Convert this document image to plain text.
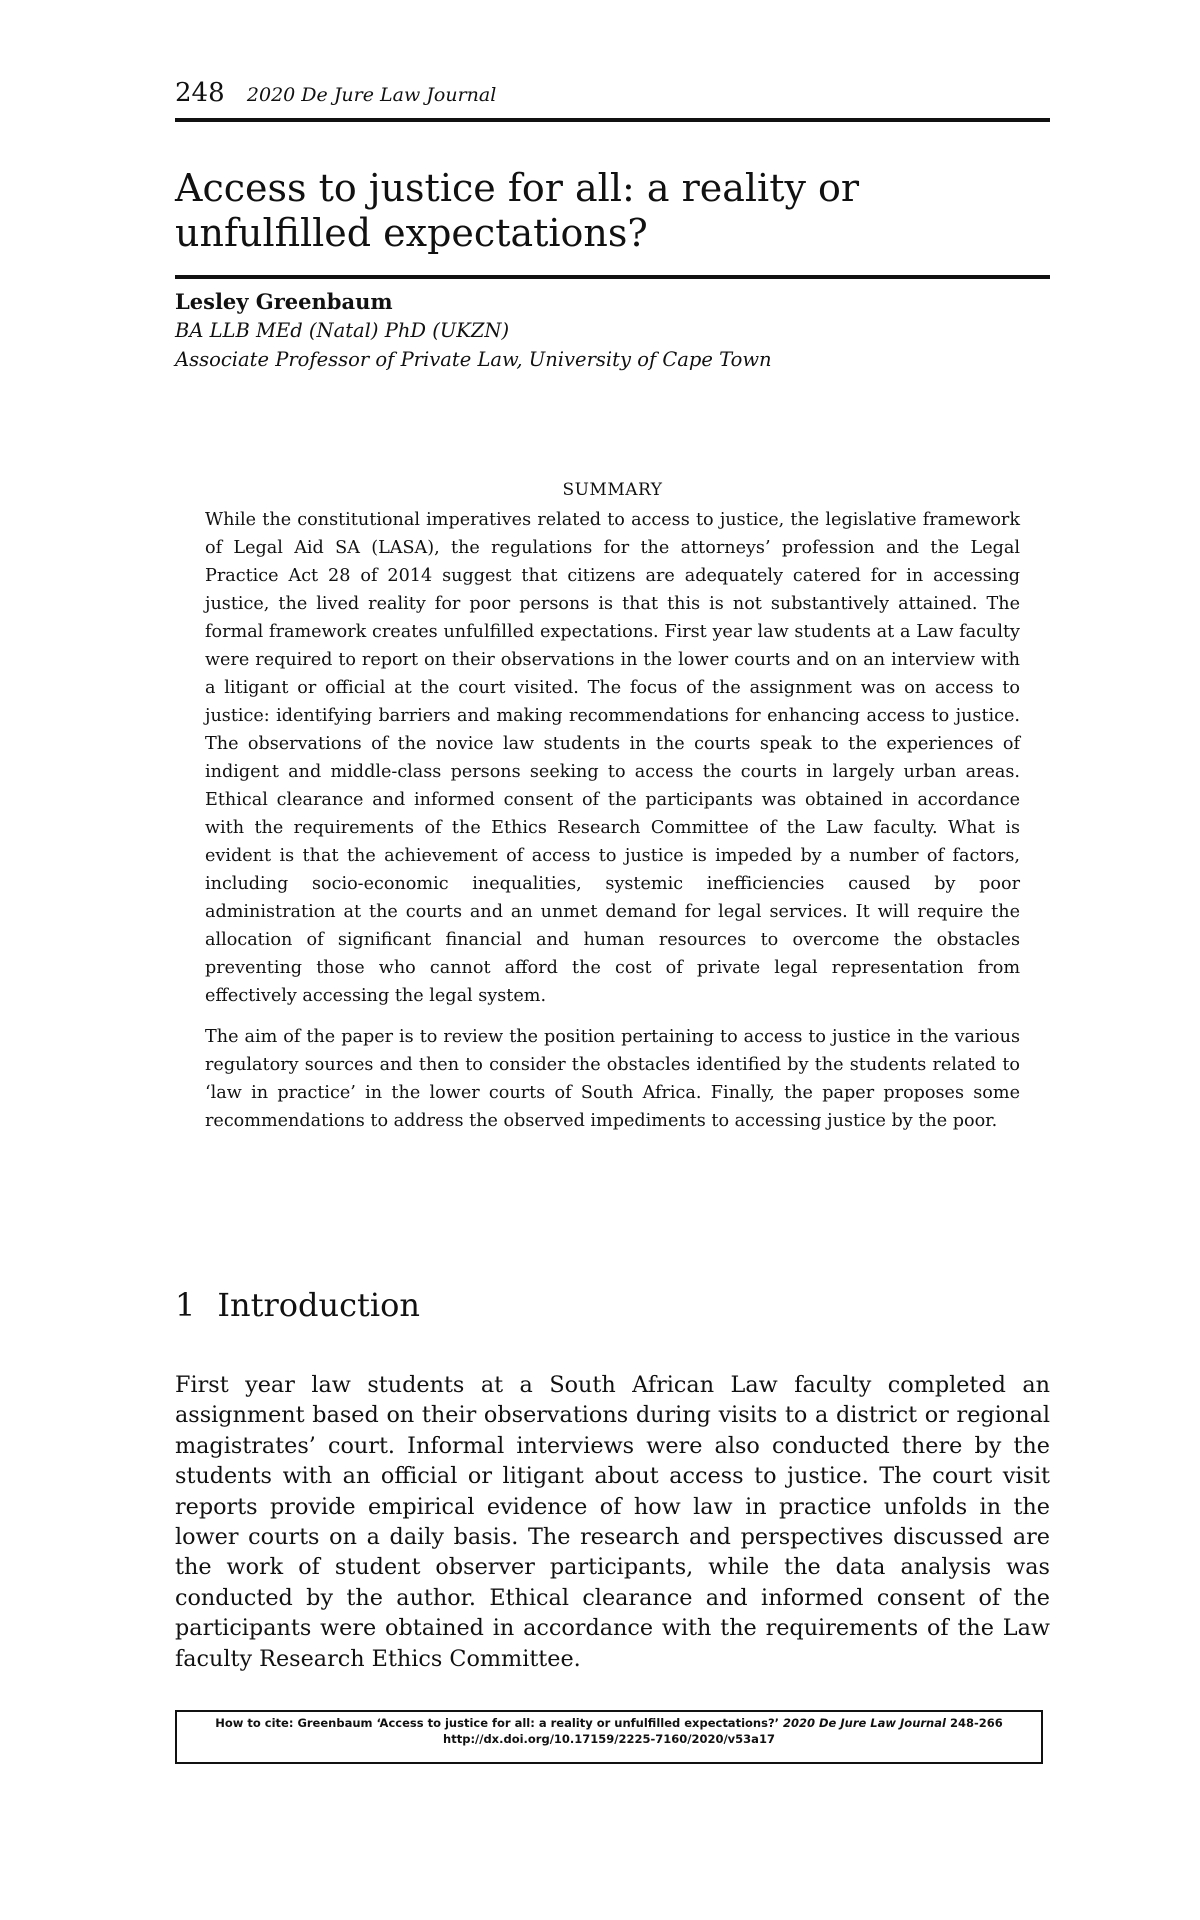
248 2020 De Jure Law Journal
Access to justice for all: a reality or unfulfilled expectations?
Lesley Greenbaum
BA LLB MEd (Natal) PhD (UKZN)
Associate Professor of Private Law, University of Cape Town
SUMMARY

While the constitutional imperatives related to access to justice, the legislative framework of Legal Aid SA (LASA), the regulations for the attorneys’ profession and the Legal Practice Act 28 of 2014 suggest that citizens are adequately catered for in accessing justice, the lived reality for poor persons is that this is not substantively attained. The formal framework creates unfulfilled expectations. First year law students at a Law faculty were required to report on their observations in the lower courts and on an interview with a litigant or official at the court visited. The focus of the assignment was on access to justice: identifying barriers and making recommendations for enhancing access to justice. The observations of the novice law students in the courts speak to the experiences of indigent and middle-class persons seeking to access the courts in largely urban areas. Ethical clearance and informed consent of the participants was obtained in accordance with the requirements of the Ethics Research Committee of the Law faculty. What is evident is that the achievement of access to justice is impeded by a number of factors, including socio-economic inequalities, systemic inefficiencies caused by poor administration at the courts and an unmet demand for legal services. It will require the allocation of significant financial and human resources to overcome the obstacles preventing those who cannot afford the cost of private legal representation from effectively accessing the legal system.

The aim of the paper is to review the position pertaining to access to justice in the various regulatory sources and then to consider the obstacles identified by the students related to ‘law in practice’ in the lower courts of South Africa. Finally, the paper proposes some recommendations to address the observed impediments to accessing justice by the poor.

1 Introduction

First year law students at a South African Law faculty completed an assignment based on their observations during visits to a district or regional magistrates’ court. Informal interviews were also conducted there by the students with an official or litigant about access to justice. The court visit reports provide empirical evidence of how law in practice unfolds in the lower courts on a daily basis. The research and perspectives discussed are the work of student observer participants, while the data analysis was conducted by the author. Ethical clearance and informed consent of the participants were obtained in accordance with the requirements of the Law faculty Research Ethics Committee.

How to cite: Greenbaum ‘Access to justice for all: a reality or unfulfilled expectations?’ 2020 De Jure Law Journal 248-266
http://dx.doi.org/10.17159/2225-7160/2020/v53a17
